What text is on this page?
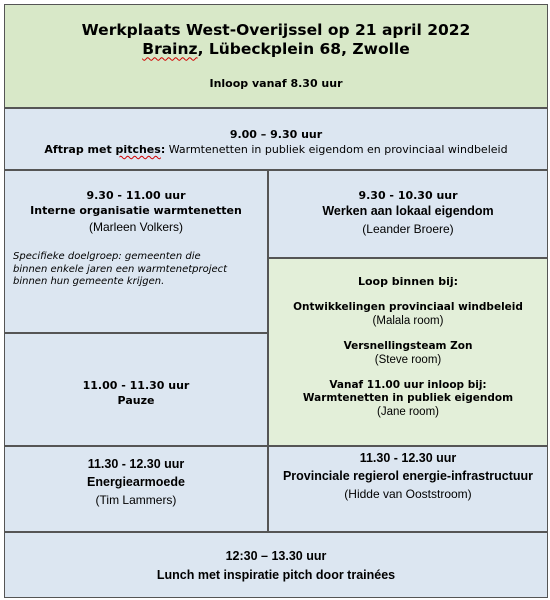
Werkplaats West-Overijssel op 21 april 2022
Brainz, Lübeckplein 68, Zwolle
Inloop vanaf 8.30 uur
9.00 – 9.30 uur
Aftrap met pitches: Warmtenetten in publiek eigendom en provinciaal windbeleid
9.30 - 11.00 uur
Interne organisatie warmtenetten
(Marleen Volkers)
Specifieke doelgroep: gemeenten die
binnen enkele jaren een warmtenetproject
binnen hun gemeente krijgen.
9.30 - 10.30 uur
Werken aan lokaal eigendom
(Leander Broere)
Loop binnen bij:
Ontwikkelingen provinciaal windbeleid
(Malala room)
Versnellingsteam Zon
(Steve room)
Vanaf 11.00 uur inloop bij:
Warmtenetten in publiek eigendom
(Jane room)
11.00 - 11.30 uur
Pauze
11.30 - 12.30 uur
Energiearmoede
(Tim Lammers)
11.30 - 12.30 uur
Provinciale regierol energie-infrastructuur
(Hidde van Ooststroom)
12:30 – 13.30 uur
Lunch met inspiratie pitch door trainées
